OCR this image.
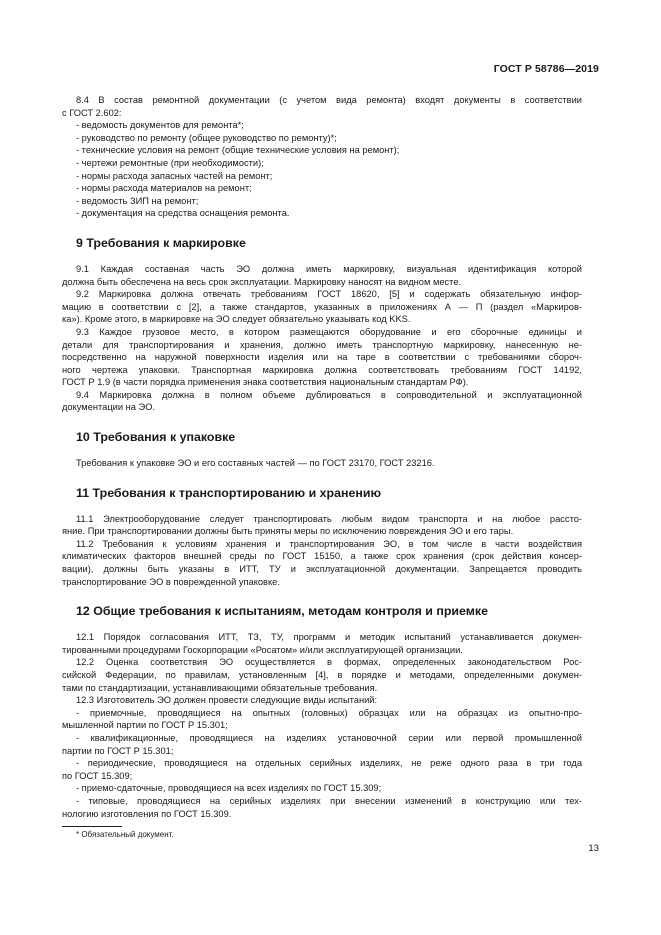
ГОСТ Р 58786—2019

8.4 В состав ремонтной документации (с учетом вида ремонта) входят документы в соответствии

с ГОСТ 2.602:

- ведомость документов для ремонта*;

- руководство по ремонту (общее руководство по ремонту)*;

- технические условия на ремонт (общие технические условия на ремонт);

- чертежи ремонтные (при необходимости);

- нормы расхода запасных частей на ремонт;

- нормы расхода материалов на ремонт;

- ведомость ЗИП на ремонт;

- документация на средства оснащения ремонта.

9 Требования к маркировке

9.1 Каждая составная часть ЭО должна иметь маркировку, визуальная идентификация которой

должна быть обеспечена на весь срок эксплуатации. Маркировку наносят на видном месте.

9.2 Маркировка должна отвечать требованиям ГОСТ 18620, [5] и содержать обязательную инфор-

мацию в соответствии с [2], а также стандартов, указанных в приложениях А — П (раздел «Маркиров-

ка»). Кроме этого, в маркировке на ЭО следует обязательно указывать код KKS.

9.3 Каждое грузовое место, в котором размещаются оборудование и его сборочные единицы и

детали для транспортирования и хранения, должно иметь транспортную маркировку, нанесенную не-

посредственно на наружной поверхности изделия или на таре в соответствии с требованиями сбороч-

ного чертежа упаковки. Транспортная маркировка должна соответствовать требованиям ГОСТ 14192,

ГОСТ Р 1.9 (в части порядка применения знака соответствия национальным стандартам РФ).

9.4 Маркировка должна в полном объеме дублироваться в сопроводительной и эксплуатационной

документации на ЭО.

10 Требования к упаковке

Требования к упаковке ЭО и его составных частей — по ГОСТ 23170, ГОСТ 23216.

11 Требования к транспортированию и хранению

11.1 Электрооборудование следует транспортировать любым видом транспорта и на любое рассто-

яние. При транспортировании должны быть приняты меры по исключению повреждения ЭО и его тары.

11.2 Требования к условиям хранения и транспортирования ЭО, в том числе в части воздействия

климатических факторов внешней среды по ГОСТ 15150, а также срок хранения (срок действия консер-

вации), должны быть указаны в ИТТ, ТУ и эксплуатационной документации. Запрещается проводить

транспортирование ЭО в поврежденной упаковке.

12 Общие требования к испытаниям, методам контроля и приемке

12.1 Порядок согласования ИТТ, ТЗ, ТУ, программ и методик испытаний устанавливается докумен-

тированными процедурами Госкорпорации «Росатом» и/или эксплуатирующей организации.

12.2 Оценка соответствия ЭО осуществляется в формах, определенных законодательством Рос-

сийской Федерации, по правилам, установленным [4], в порядке и методами, определенными докумен-

тами по стандартизации, устанавливающими обязательные требования.

12.3 Изготовитель ЭО должен провести следующие виды испытаний:

- приемочные, проводящиеся на опытных (головных) образцах или на образцах из опытно-про-

мышленной партии по ГОСТ Р 15.301;

- квалификационные, проводящиеся на изделиях установочной серии или первой промышленной

партии по ГОСТ Р 15.301;

- периодические, проводящиеся на отдельных серийных изделиях, не реже одного раза в три года

по ГОСТ 15.309;

- приемо-сдаточные, проводящиеся на всех изделиях по ГОСТ 15.309;

- типовые, проводящиеся на серийных изделиях при внесении изменений в конструкцию или тех-

нологию изготовления по ГОСТ 15.309.

* Обязательный документ.
13
